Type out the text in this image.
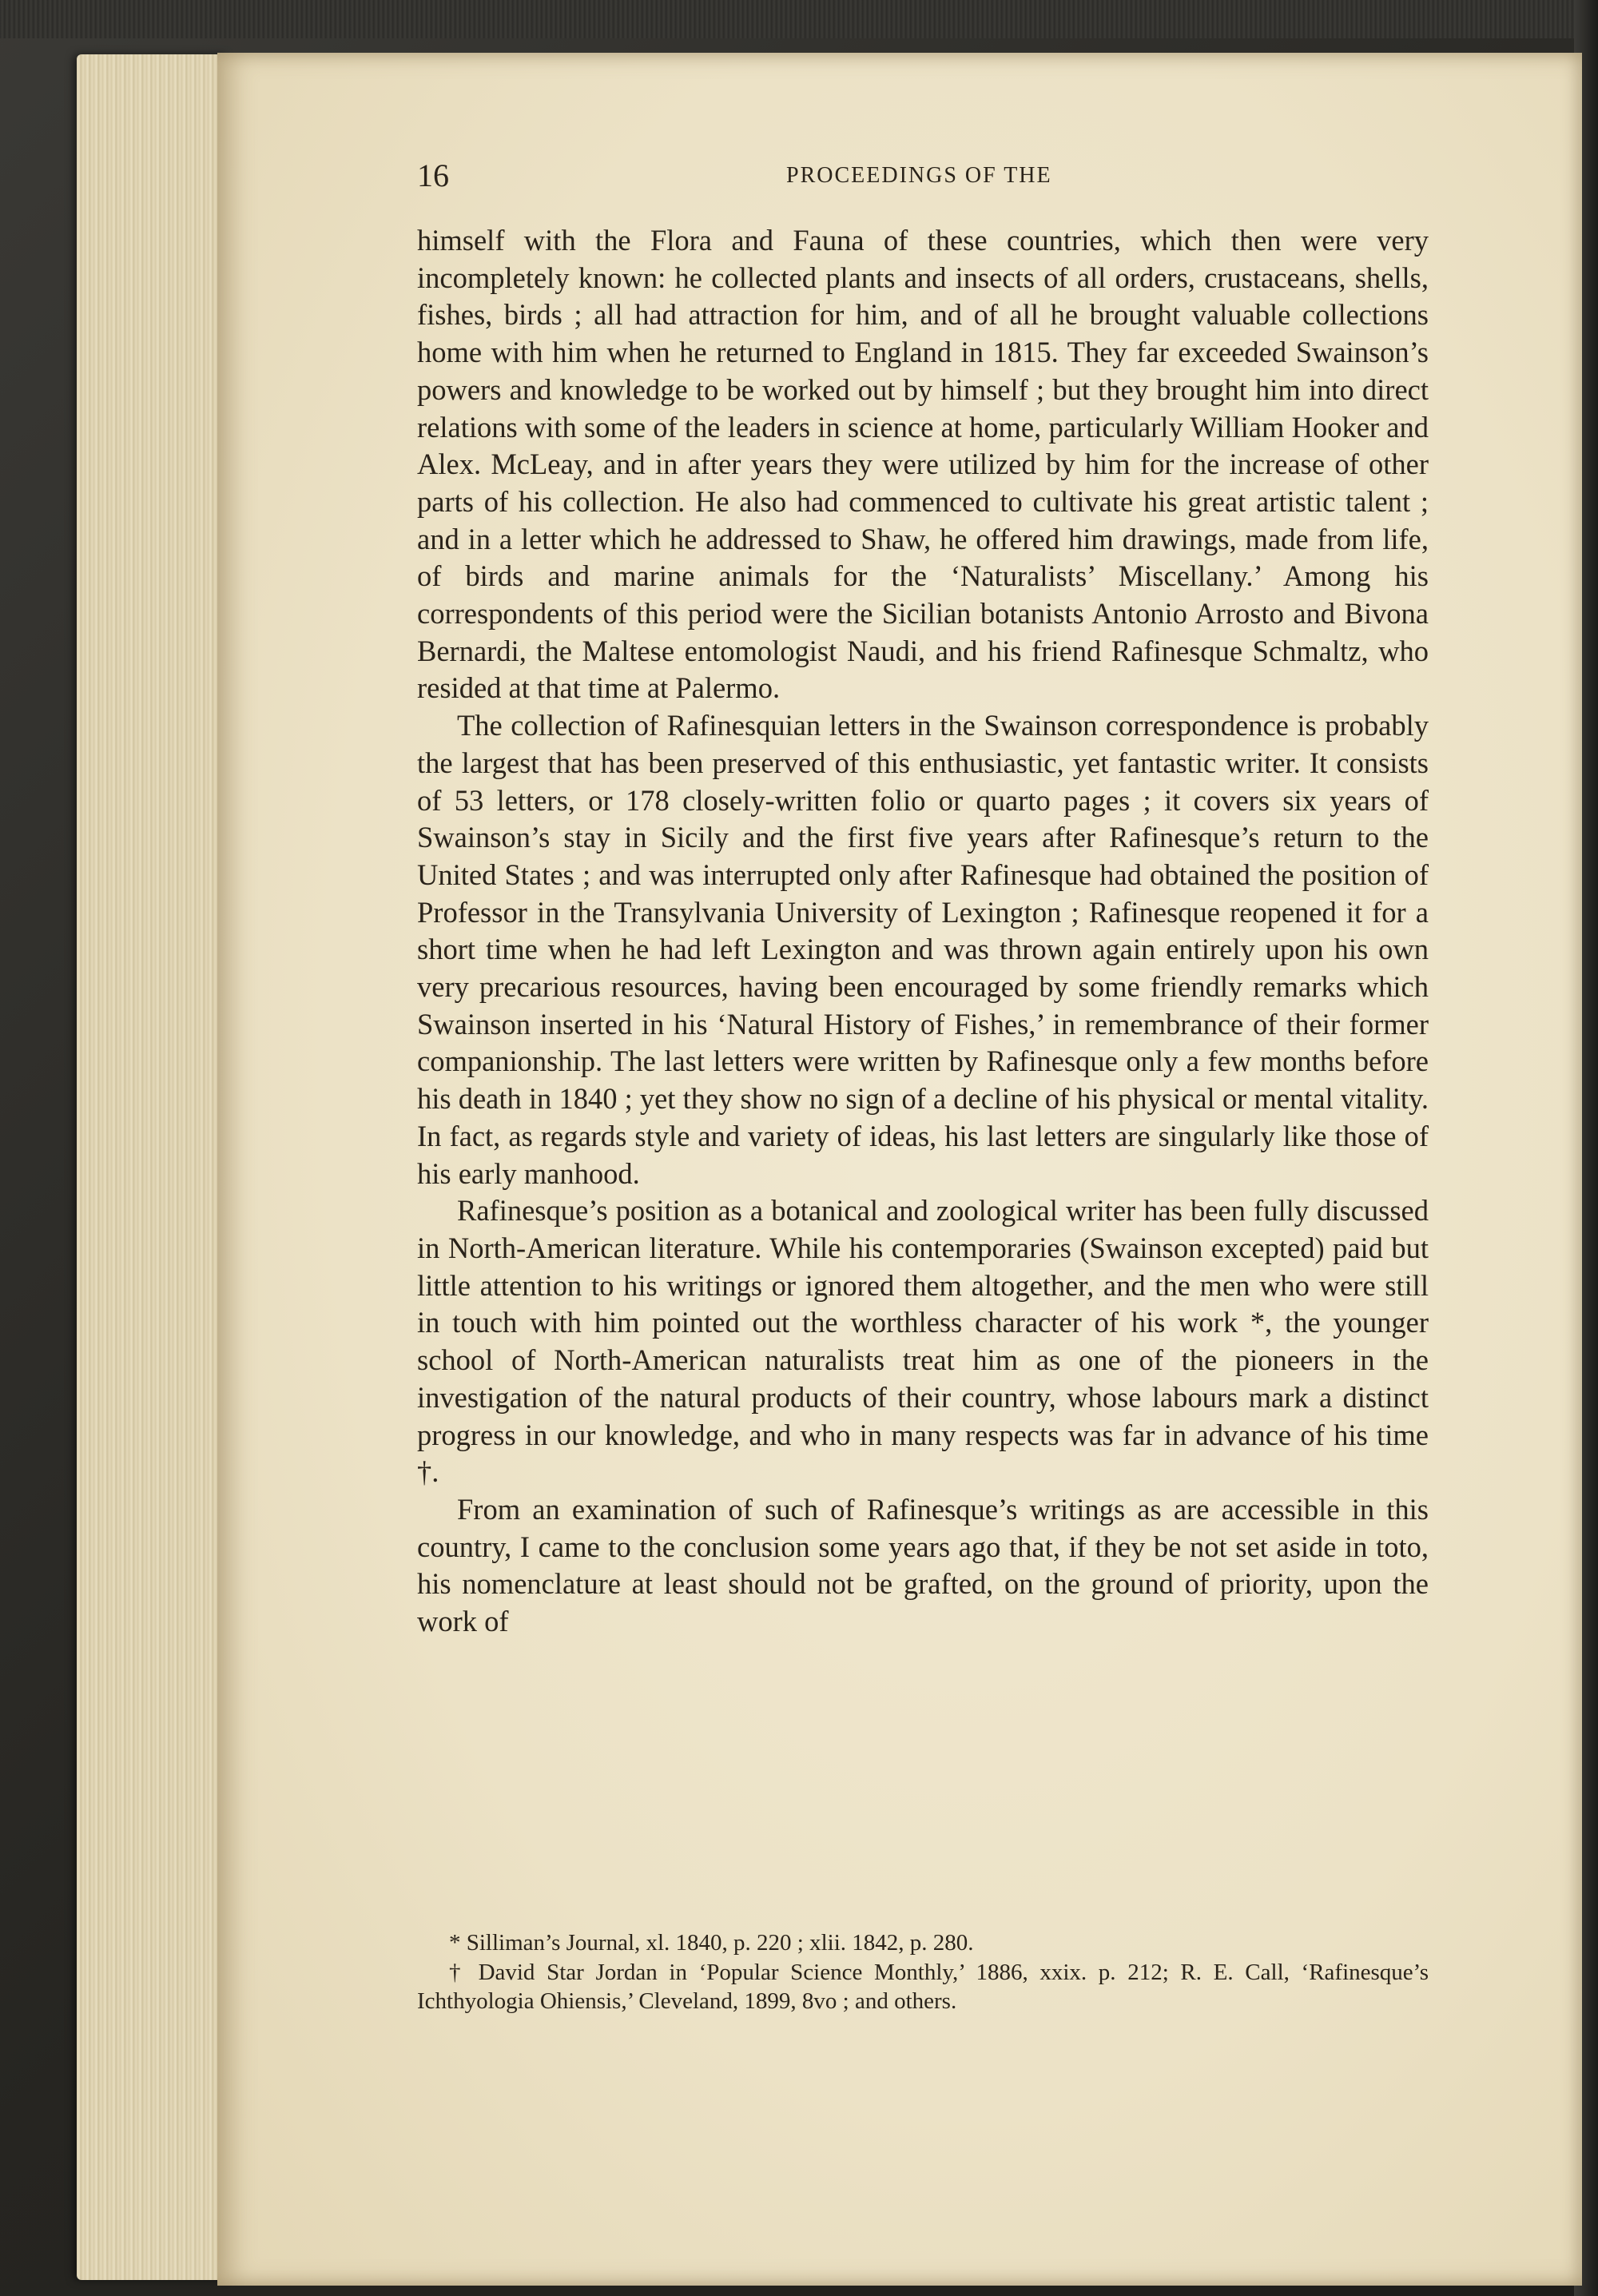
16	PROCEEDINGS OF THE

himself with the Flora and Fauna of these countries, which then were very incompletely known: he collected plants and insects of all orders, crustaceans, shells, fishes, birds ; all had attraction for him, and of all he brought valuable collections home with him when he returned to England in 1815. They far exceeded Swainson’s powers and knowledge to be worked out by himself ; but they brought him into direct relations with some of the leaders in science at home, particularly William Hooker and Alex. McLeay, and in after years they were utilized by him for the increase of other parts of his collection. He also had commenced to cultivate his great artistic talent ; and in a letter which he addressed to Shaw, he offered him drawings, made from life, of birds and marine animals for the ‘Naturalists’ Miscellany.’ Among his correspondents of this period were the Sicilian botanists Antonio Arrosto and Bivona Bernardi, the Maltese entomologist Naudi, and his friend Rafinesque Schmaltz, who resided at that time at Palermo.

The collection of Rafinesquian letters in the Swainson correspondence is probably the largest that has been preserved of this enthusiastic, yet fantastic writer. It consists of 53 letters, or 178 closely-written folio or quarto pages ; it covers six years of Swainson’s stay in Sicily and the first five years after Rafinesque’s return to the United States ; and was interrupted only after Rafinesque had obtained the position of Professor in the Transylvania University of Lexington ; Rafinesque reopened it for a short time when he had left Lexington and was thrown again entirely upon his own very precarious resources, having been encouraged by some friendly remarks which Swainson inserted in his ‘Natural History of Fishes,’ in remembrance of their former companionship. The last letters were written by Rafinesque only a few months before his death in 1840 ; yet they show no sign of a decline of his physical or mental vitality. In fact, as regards style and variety of ideas, his last letters are singularly like those of his early manhood.

Rafinesque’s position as a botanical and zoological writer has been fully discussed in North-American literature. While his contemporaries (Swainson excepted) paid but little attention to his writings or ignored them altogether, and the men who were still in touch with him pointed out the worthless character of his work *, the younger school of North-American naturalists treat him as one of the pioneers in the investigation of the natural products of their country, whose labours mark a distinct progress in our knowledge, and who in many respects was far in advance of his time †.

From an examination of such of Rafinesque’s writings as are accessible in this country, I came to the conclusion some years ago that, if they be not set aside in toto, his nomenclature at least should not be grafted, on the ground of priority, upon the work of

* Silliman’s Journal, xl. 1840, p. 220 ; xlii. 1842, p. 280.

† David Star Jordan in ‘Popular Science Monthly,’ 1886, xxix. p. 212; R. E. Call, ‘Rafinesque’s Ichthyologia Ohiensis,’ Cleveland, 1899, 8vo ; and others.
